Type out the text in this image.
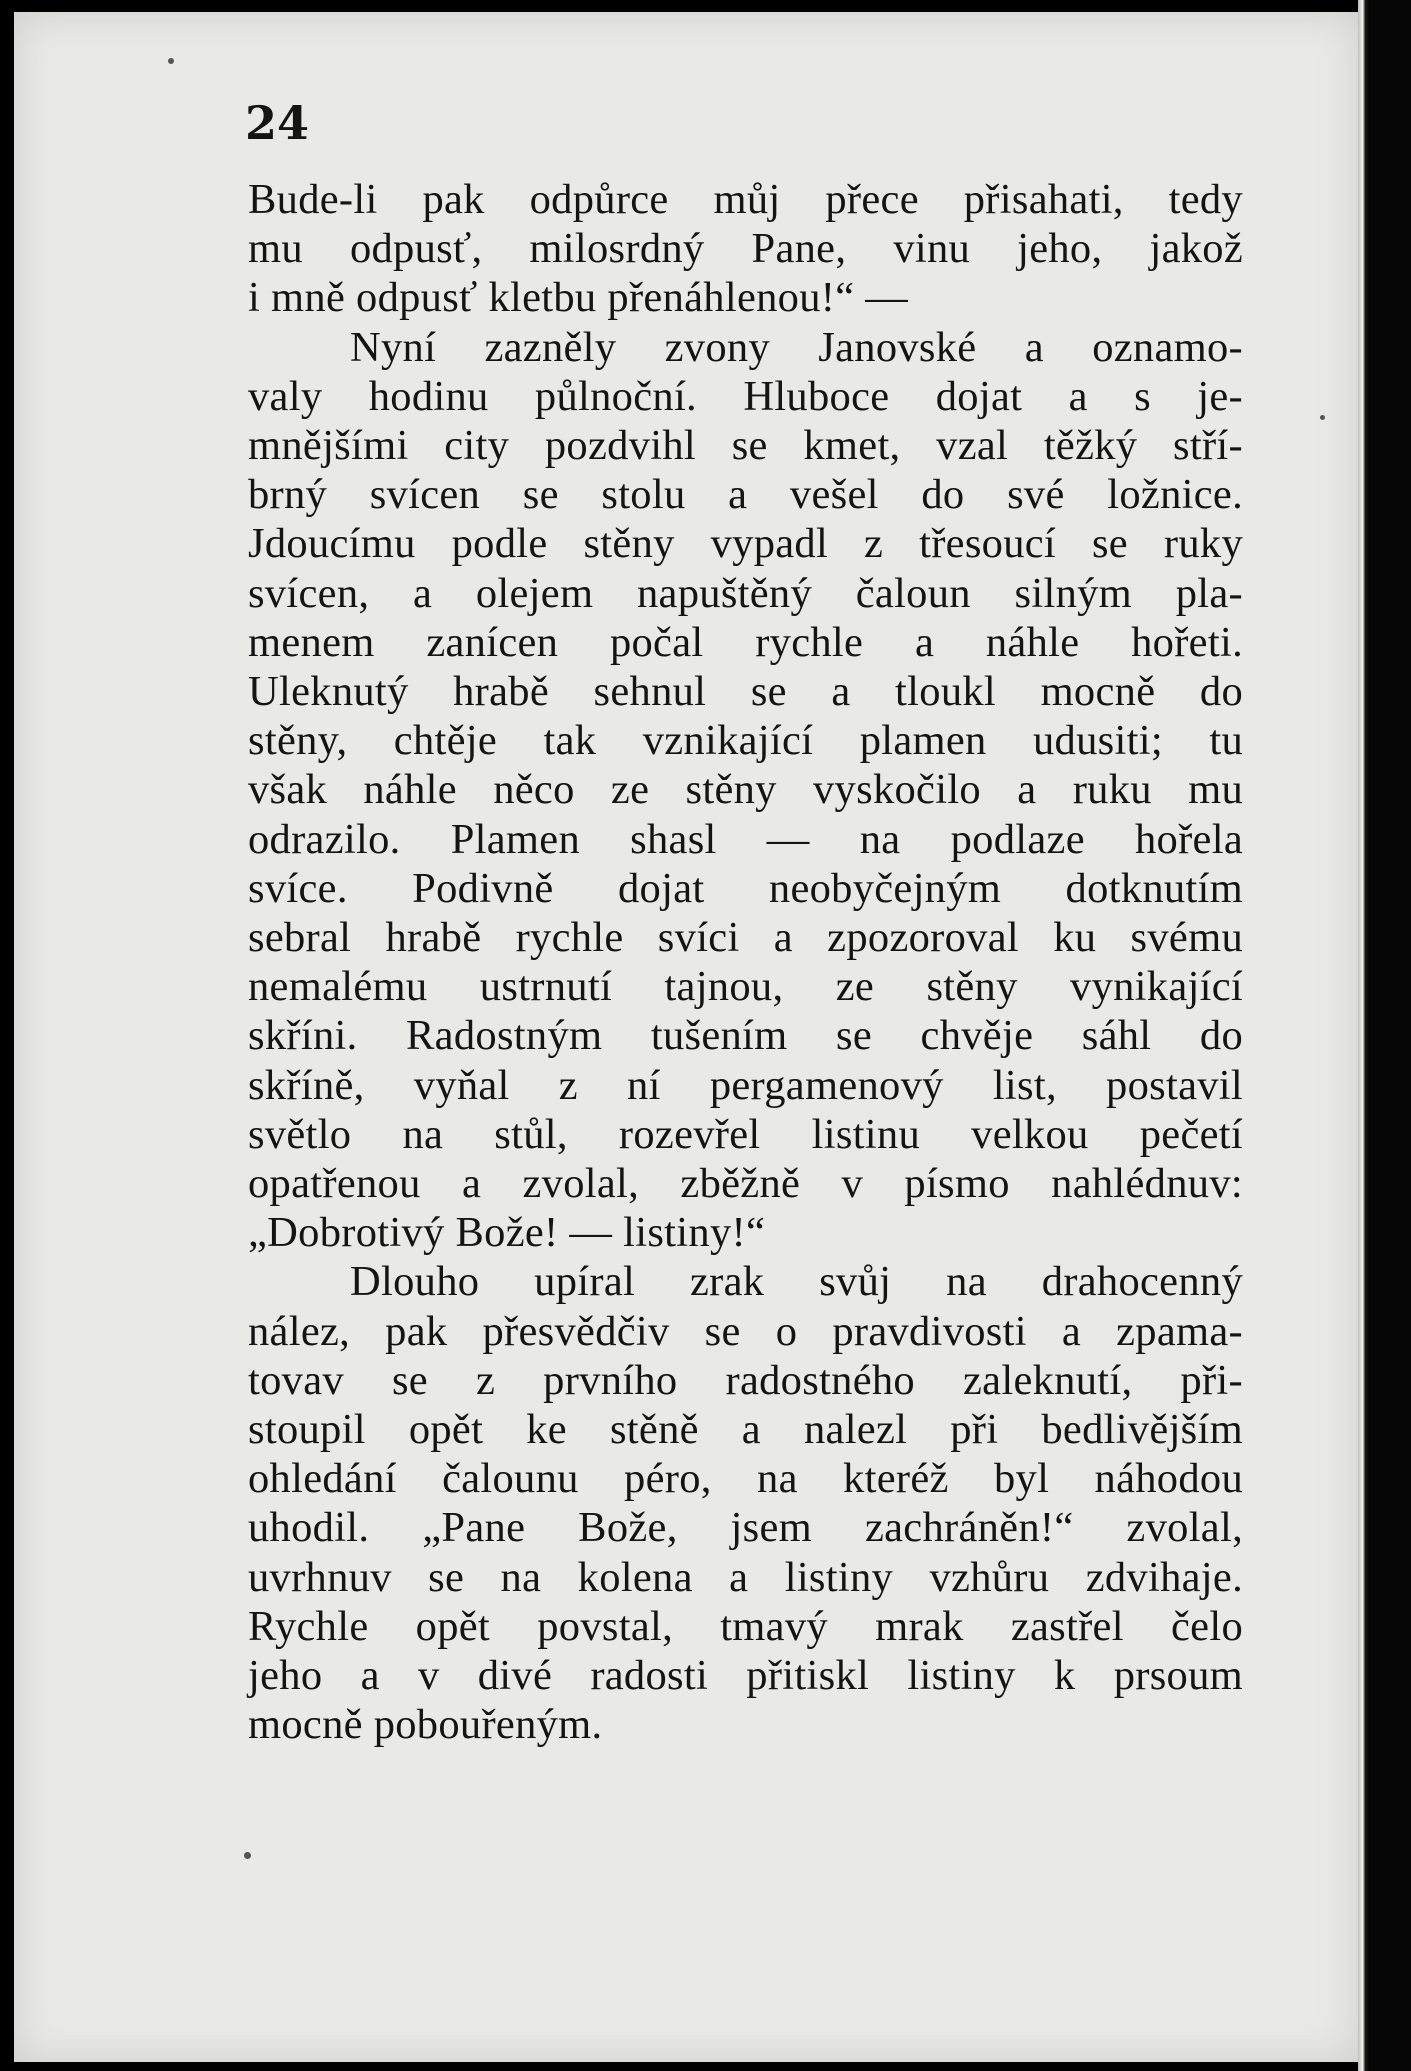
24
Bude-li pak odpůrce můj přece přisahati, tedy
mu odpusť, milosrdný Pane, vinu jeho, jakož
i mně odpusť kletbu přenáhlenou!“ —
Nyní zazněly zvony Janovské a oznamo-
valy hodinu půlnoční. Hluboce dojat a s je-
mnějšími city pozdvihl se kmet, vzal těžký stří-
brný svícen se stolu a vešel do své ložnice.
Jdoucímu podle stěny vypadl z třesoucí se ruky
svícen, a olejem napuštěný čaloun silným pla-
menem zanícen počal rychle a náhle hořeti.
Uleknutý hrabě sehnul se a tloukl mocně do
stěny, chtěje tak vznikající plamen udusiti; tu
však náhle něco ze stěny vyskočilo a ruku mu
odrazilo. Plamen shasl — na podlaze hořela
svíce. Podivně dojat neobyčejným dotknutím
sebral hrabě rychle svíci a zpozoroval ku svému
nemalému ustrnutí tajnou, ze stěny vynikající
skříni. Radostným tušením se chvěje sáhl do
skříně, vyňal z ní pergamenový list, postavil
světlo na stůl, rozevřel listinu velkou pečetí
opatřenou a zvolal, zběžně v písmo nahlédnuv:
„Dobrotivý Bože! — listiny!“
Dlouho upíral zrak svůj na drahocenný
nález, pak přesvědčiv se o pravdivosti a zpama-
tovav se z prvního radostného zaleknutí, při-
stoupil opět ke stěně a nalezl při bedlivějším
ohledání čalounu péro, na kteréž byl náhodou
uhodil. „Pane Bože, jsem zachráněn!“ zvolal,
uvrhnuv se na kolena a listiny vzhůru zdvihaje.
Rychle opět povstal, tmavý mrak zastřel čelo
jeho a v divé radosti přitiskl listiny k prsoum
mocně pobouřeným.
